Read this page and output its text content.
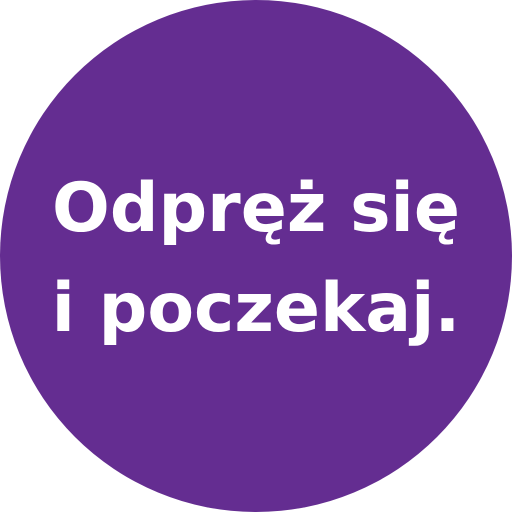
Odpręż się
i poczekaj.
